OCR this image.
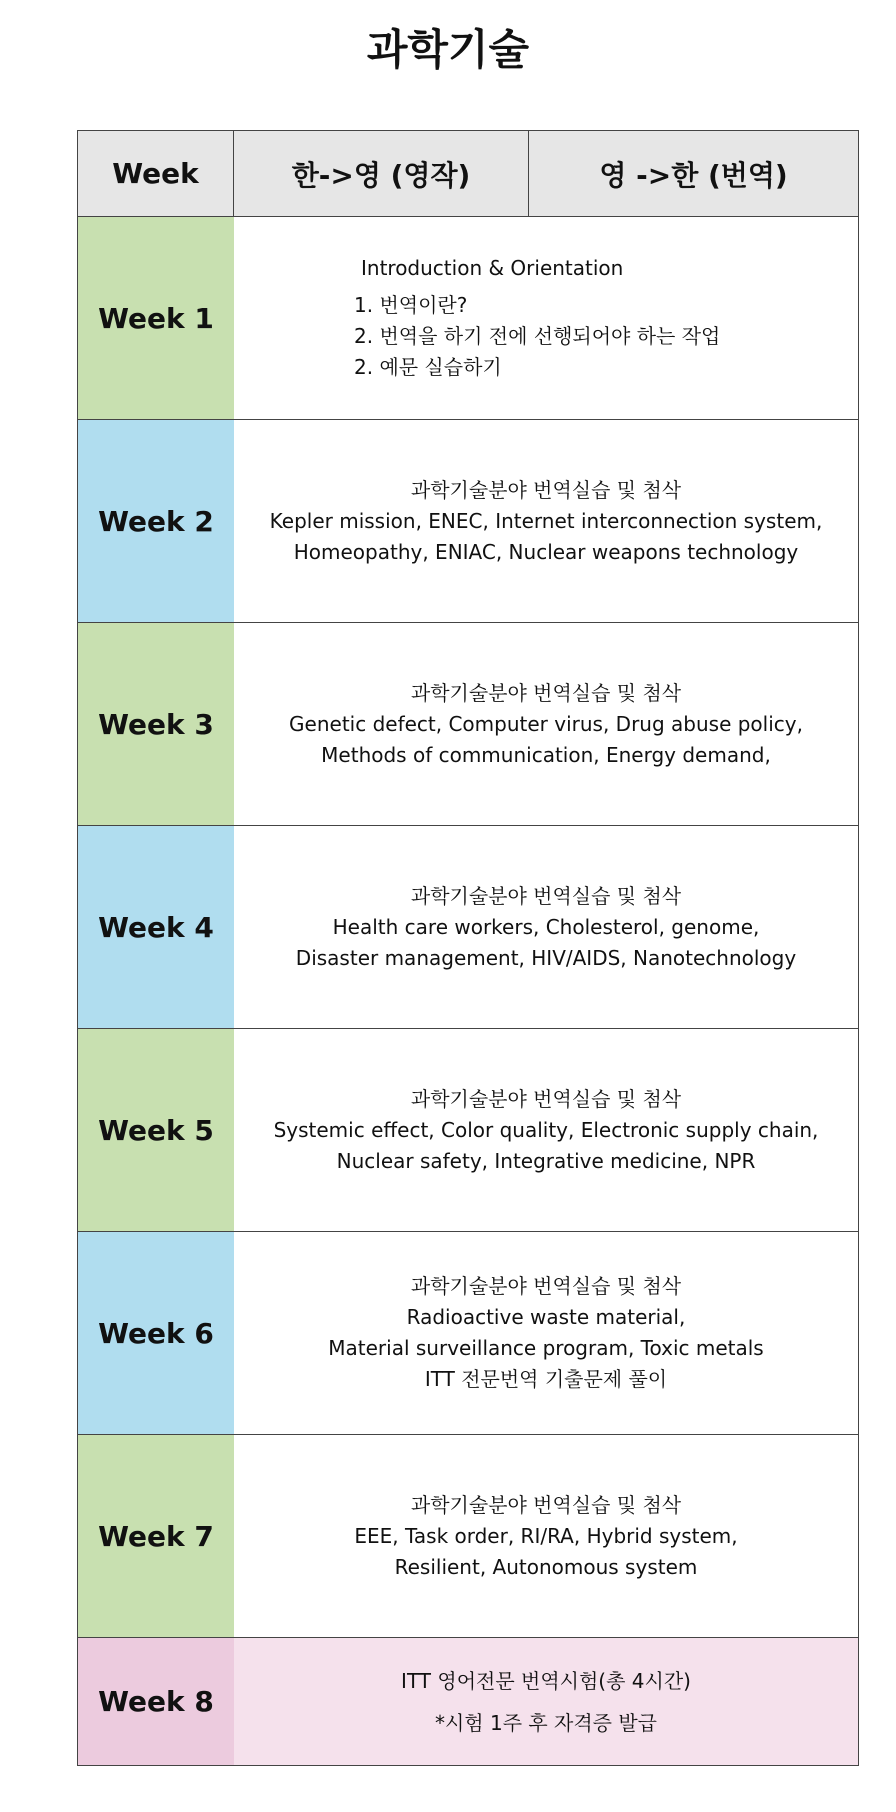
과학기술
Week	한->영 (영작)	영 ->한 (번역)
Week 1
Introduction & Orientation
1. 번역이란?
2. 번역을 하기 전에 선행되어야 하는 작업
2. 예문 실습하기
Week 2
과학기술분야 번역실습 및 첨삭
Kepler mission, ENEC, Internet interconnection system,
Homeopathy, ENIAC, Nuclear weapons technology
Week 3
과학기술분야 번역실습 및 첨삭
Genetic defect, Computer virus, Drug abuse policy,
Methods of communication, Energy demand,
Week 4
과학기술분야 번역실습 및 첨삭
Health care workers, Cholesterol, genome,
Disaster management, HIV/AIDS, Nanotechnology
Week 5
과학기술분야 번역실습 및 첨삭
Systemic effect, Color quality, Electronic supply chain,
Nuclear safety, Integrative medicine, NPR
Week 6
과학기술분야 번역실습 및 첨삭
Radioactive waste material,
Material surveillance program, Toxic metals
ITT 전문번역 기출문제 풀이
Week 7
과학기술분야 번역실습 및 첨삭
EEE, Task order, RI/RA, Hybrid system,
Resilient, Autonomous system
Week 8
ITT 영어전문 번역시험(총 4시간)
*시험 1주 후 자격증 발급
